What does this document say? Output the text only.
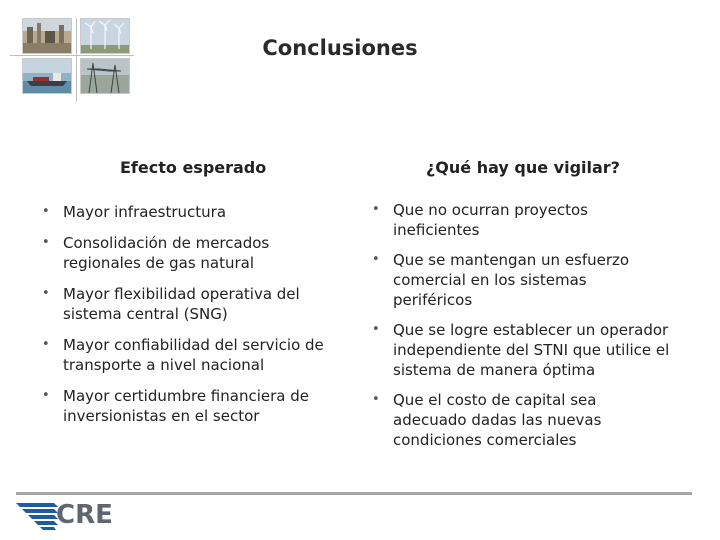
Conclusiones
Efecto esperado	¿Qué hay que vigilar?
• Mayor infraestructura
• Consolidación de mercados regionales de gas natural
• Mayor flexibilidad operativa del sistema central (SNG)
• Mayor confiabilidad del servicio de transporte a nivel nacional
• Mayor certidumbre financiera de inversionistas en el sector
• Que no ocurran proyectos ineficientes
• Que se mantengan un esfuerzo comercial en los sistemas periféricos
• Que se logre establecer un operador independiente del STNI que utilice el sistema de manera óptima
• Que el costo de capital sea adecuado dadas las nuevas condiciones comerciales

CRE
